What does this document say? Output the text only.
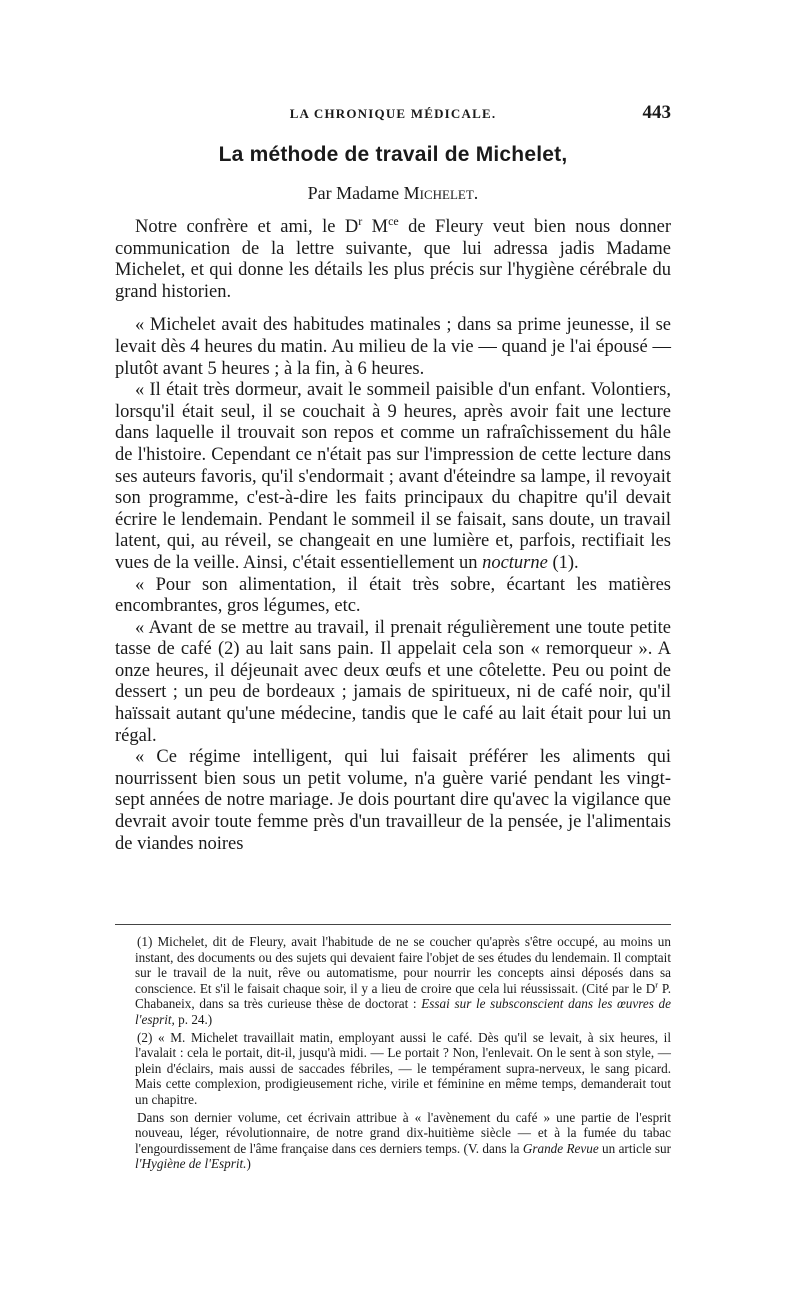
LA CHRONIQUE MÉDICALE.	443
La méthode de travail de Michelet,
Par Madame Michelet.

Notre confrère et ami, le $D^r$ $M^{ce}$ de Fleury veut bien nous donner communication de la lettre suivante, que lui adressa jadis Madame Michelet, et qui donne les détails les plus précis sur l'hygiène cérébrale du grand historien.

« Michelet avait des habitudes matinales ; dans sa prime jeunesse, il se levait dès 4 heures du matin. Au milieu de la vie — quand je l'ai épousé — plutôt avant 5 heures ; à la fin, à 6 heures.

« Il était très dormeur, avait le sommeil paisible d'un enfant. Volontiers, lorsqu'il était seul, il se couchait à 9 heures, après avoir fait une lecture dans laquelle il trouvait son repos et comme un rafraîchissement du hâle de l'histoire. Cependant ce n'était pas sur l'impression de cette lecture dans ses auteurs favoris, qu'il s'endormait ; avant d'éteindre sa lampe, il revoyait son programme, c'est-à-dire les faits principaux du chapitre qu'il devait écrire le lendemain. Pendant le sommeil il se faisait, sans doute, un travail latent, qui, au réveil, se changeait en une lumière et, parfois, rectifiait les vues de la veille. Ainsi, c'était essentiellement un nocturne (1).

« Pour son alimentation, il était très sobre, écartant les matières encombrantes, gros légumes, etc.

« Avant de se mettre au travail, il prenait régulièrement une toute petite tasse de café (2) au lait sans pain. Il appelait cela son « remorqueur ». A onze heures, il déjeunait avec deux œufs et une côtelette. Peu ou point de dessert ; un peu de bordeaux ; jamais de spiritueux, ni de café noir, qu'il haïssait autant qu'une médecine, tandis que le café au lait était pour lui un régal.

« Ce régime intelligent, qui lui faisait préférer les aliments qui nourrissent bien sous un petit volume, n'a guère varié pendant les vingt-sept années de notre mariage. Je dois pourtant dire qu'avec la vigilance que devrait avoir toute femme près d'un travailleur de la pensée, je l'alimentais de viandes noires

(1) Michelet, dit de Fleury, avait l'habitude de ne se coucher qu'après s'être occupé, au moins un instant, des documents ou des sujets qui devaient faire l'objet de ses études du lendemain. Il comptait sur le travail de la nuit, rêve ou automatisme, pour nourrir les concepts ainsi déposés dans sa conscience. Et s'il le faisait chaque soir, il y a lieu de croire que cela lui réussissait. (Cité par le $D^r$ P. Chabaneix, dans sa très curieuse thèse de doctorat : Essai sur le subsconscient dans les œuvres de l'esprit, p. 24.)

(2) « M. Michelet travaillait matin, employant aussi le café. Dès qu'il se levait, à six heures, il l'avalait : cela le portait, dit-il, jusqu'à midi. — Le portait ? Non, l'enlevait. On le sent à son style, — plein d'éclairs, mais aussi de saccades fébriles, — le tempérament supra-nerveux, le sang picard. Mais cette complexion, prodigieusement riche, virile et féminine en même temps, demanderait tout un chapitre.

Dans son dernier volume, cet écrivain attribue à « l'avènement du café » une partie de l'esprit nouveau, léger, révolutionnaire, de notre grand dix-huitième siècle — et à la fumée du tabac l'engourdissement de l'âme française dans ces derniers temps. (V. dans la Grande Revue un article sur l'Hygiène de l'Esprit.)
